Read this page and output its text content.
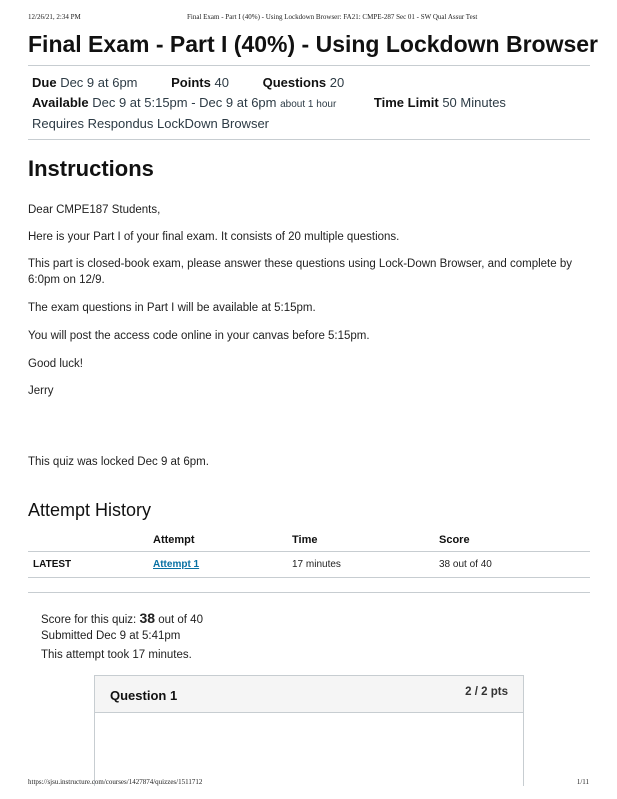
12/26/21, 2:34 PM	Final Exam - Part I (40%) - Using Lockdown Browser: FA21: CMPE-287 Sec 01 - SW Qual Assur Test
Final Exam - Part I (40%) - Using Lockdown Browser
Due Dec 9 at 6pm	Points 40	Questions 20
Available Dec 9 at 5:15pm - Dec 9 at 6pm about 1 hour	Time Limit 50 Minutes
Requires Respondus LockDown Browser
Instructions

Dear CMPE187 Students,

Here is your Part I of your final exam. It consists of 20 multiple questions.

This part is closed-book exam, please answer these questions using Lock-Down Browser, and complete by 6:0pm on 12/9.

The exam questions in Part I will be available at 5:15pm.

You will post the access code online in your canvas before 5:15pm.

Good luck!

Jerry

This quiz was locked Dec 9 at 6pm.

Attempt History
	Attempt	Time	Score
LATEST	Attempt 1	17 minutes	38 out of 40
Score for this quiz: 38 out of 40
Submitted Dec 9 at 5:41pm
This attempt took 17 minutes.
Question 1	2 / 2 pts
https://sjsu.instructure.com/courses/1427874/quizzes/1511712	1/11
